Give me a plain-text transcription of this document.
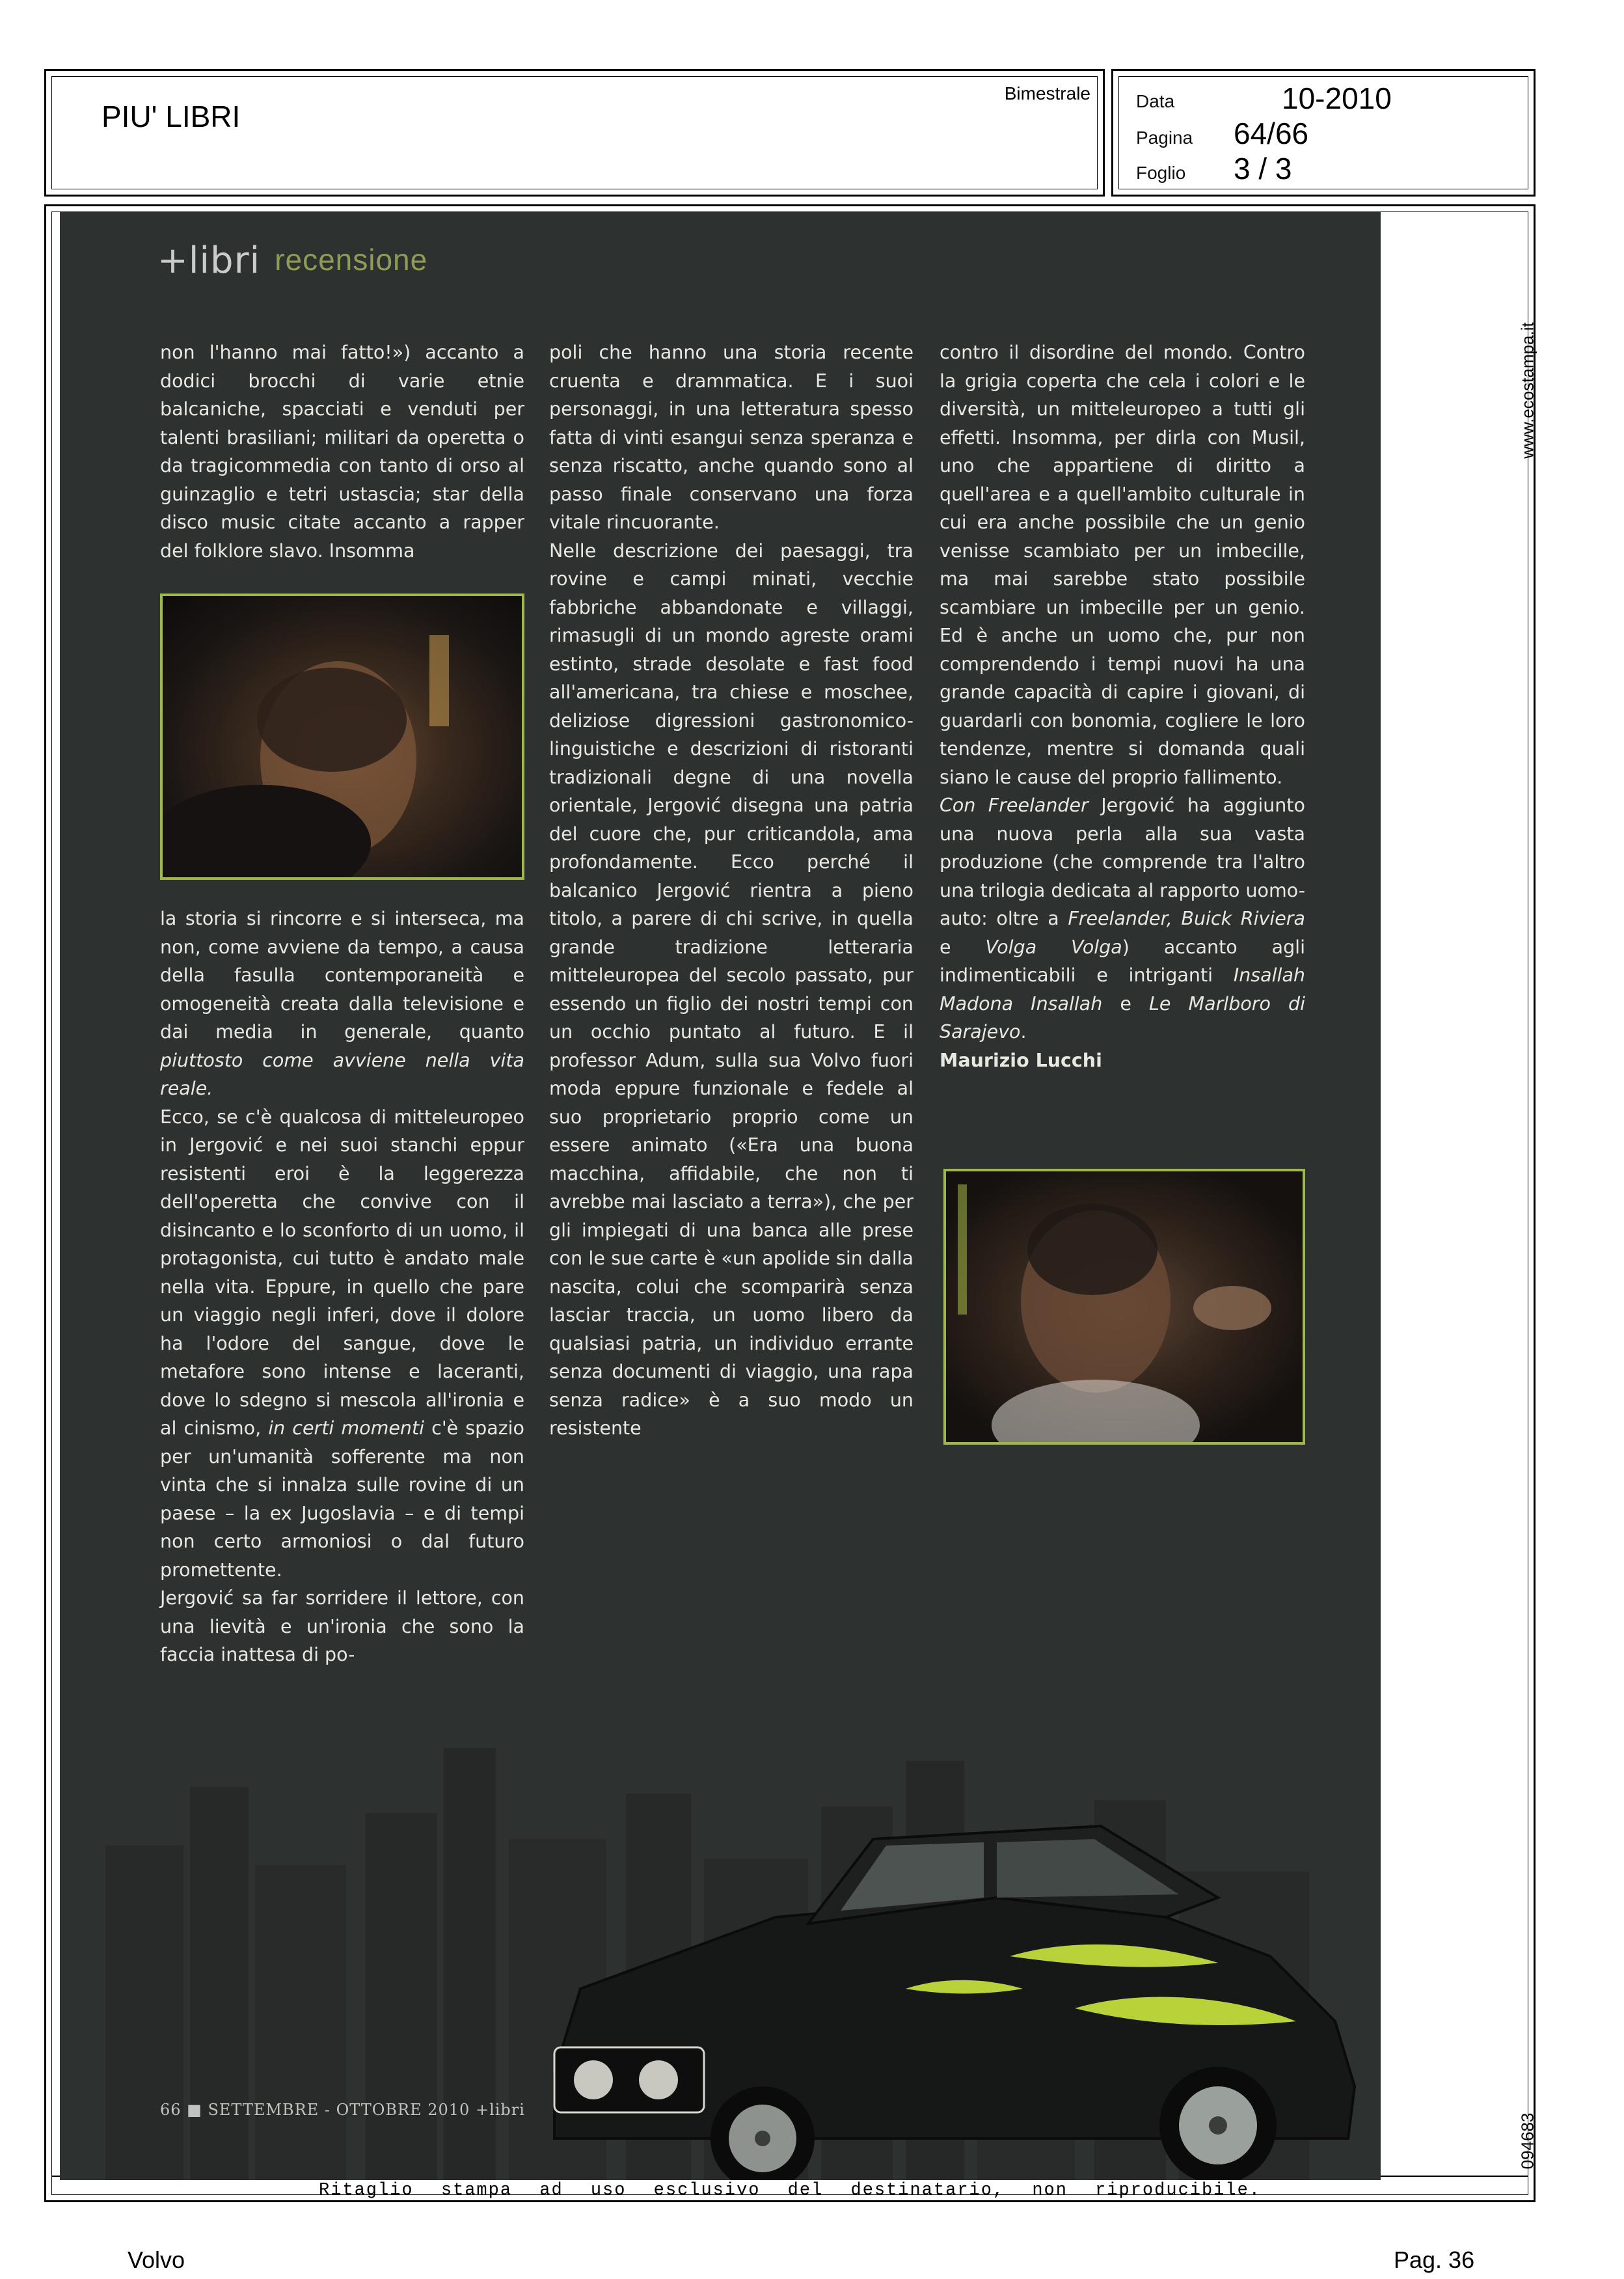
PIU' LIBRI
Bimestrale	Data	10-2010
Pagina 64/66
Foglio 3 / 3
Ritaglio stampa ad uso esclusivo del destinatario, non riproducibile.
www.ecostampa.it
094683
+libri recensione

non l'hanno mai fatto!») accanto a dodici brocchi di varie etnie balcaniche, spacciati e venduti per talenti brasiliani; militari da operetta o da tragicommedia con tanto di orso al guinzaglio e tetri ustascia; star della disco music citate accanto a rapper del folklore slavo. Insomma

la storia si rincorre e si interseca, ma non, come avviene da tempo, a causa della fasulla contemporaneità e omogeneità creata dalla televisione e dai media in generale, quanto piuttosto come avviene nella vita reale.

Ecco, se c'è qualcosa di mitteleuropeo in Jergović e nei suoi stanchi eppur resistenti eroi è la leggerezza dell'operetta che convive con il disincanto e lo sconforto di un uomo, il protagonista, cui tutto è andato male nella vita. Eppure, in quello che pare un viaggio negli inferi, dove il dolore ha l'odore del sangue, dove le metafore sono intense e laceranti, dove lo sdegno si mescola all'ironia e al cinismo, in certi momenti c'è spazio per un'umanità sofferente ma non vinta che si innalza sulle rovine di un paese – la ex Jugoslavia – e di tempi non certo armoniosi o dal futuro promettente.

Jergović sa far sorridere il lettore, con una lievità e un'ironia che sono la faccia inattesa di po-

poli che hanno una storia recente cruenta e drammatica. E i suoi personaggi, in una letteratura spesso fatta di vinti esangui senza speranza e senza riscatto, anche quando sono al passo finale conservano una forza vitale rincuorante.

Nelle descrizione dei paesaggi, tra rovine e campi minati, vecchie fabbriche abbandonate e villaggi, rimasugli di un mondo agreste orami estinto, strade desolate e fast food all'americana, tra chiese e moschee, deliziose digressioni gastronomico-linguistiche e descrizioni di ristoranti tradizionali degne di una novella orientale, Jergović disegna una patria del cuore che, pur criticandola, ama profondamente. Ecco perché il balcanico Jergović rientra a pieno titolo, a parere di chi scrive, in quella grande tradizione letteraria mitteleuropea del secolo passato, pur essendo un figlio dei nostri tempi con un occhio puntato al futuro. E il professor Adum, sulla sua Volvo fuori moda eppure funzionale e fedele al suo proprietario proprio come un essere animato («Era una buona macchina, affidabile, che non ti avrebbe mai lasciato a terra»), che per gli impiegati di una banca alle prese con le sue carte è «un apolide sin dalla nascita, colui che scomparirà senza lasciar traccia, un uomo libero da qualsiasi patria, un individuo errante senza documenti di viaggio, una rapa senza radice» è a suo modo un resistente

contro il disordine del mondo. Contro la grigia coperta che cela i colori e le diversità, un mitteleuropeo a tutti gli effetti. Insomma, per dirla con Musil, uno che appartiene di diritto a quell'area e a quell'ambito culturale in cui era anche possibile che un genio venisse scambiato per un imbecille, ma mai sarebbe stato possibile scambiare un imbecille per un genio. Ed è anche un uomo che, pur non comprendendo i tempi nuovi ha una grande capacità di capire i giovani, di guardarli con bonomia, cogliere le loro tendenze, mentre si domanda quali siano le cause del proprio fallimento.

Con Freelander Jergović ha aggiunto una nuova perla alla sua vasta produzione (che comprende tra l'altro una trilogia dedicata al rapporto uomo-auto: oltre a Freelander, Buick Riviera e Volga Volga) accanto agli indimenticabili e intriganti Insallah Madona Insallah e Le Marlboro di Sarajevo.

Maurizio Lucchi

66 ■ SETTEMBRE - OTTOBRE 2010 +libri
Volvo	Pag. 36
